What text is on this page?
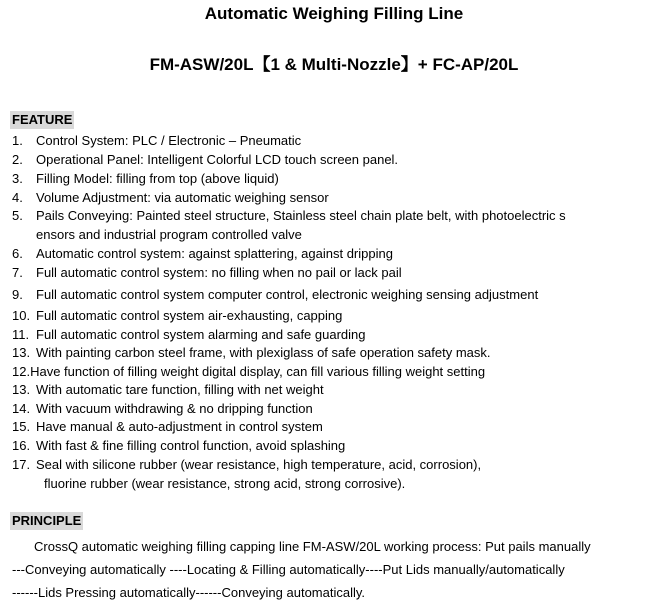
Automatic Weighing Filling Line
FM-ASW/20L【1 & Multi-Nozzle】+ FC-AP/20L
FEATURE
1. Control System: PLC / Electronic – Pneumatic
2. Operational Panel: Intelligent Colorful LCD touch screen panel.
3. Filling Model: filling from top (above liquid)
4. Volume Adjustment: via automatic weighing sensor
5. Pails Conveying: Painted steel structure, Stainless steel chain plate belt, with photoelectric s
ensors and industrial program controlled valve
6. Automatic control system: against splattering, against dripping
7. Full automatic control system: no filling when no pail or lack pail
9. Full automatic control system computer control, electronic weighing sensing adjustment
10. Full automatic control system air-exhausting, capping
11. Full automatic control system alarming and safe guarding
13. With painting carbon steel frame, with plexiglass of safe operation safety mask.
12.Have function of filling weight digital display, can fill various filling weight setting
13. With automatic tare function, filling with net weight
14. With vacuum withdrawing & no dripping function
15. Have manual & auto-adjustment in control system
16. With fast & fine filling control function, avoid splashing
17. Seal with silicone rubber (wear resistance, high temperature, acid, corrosion),
fluorine rubber (wear resistance, strong acid, strong corrosive).
PRINCIPLE
CrossQ automatic weighing filling capping line FM-ASW/20L working process: Put pails manually
---Conveying automatically ----Locating & Filling automatically----Put Lids manually/automatically
------Lids Pressing automatically------Conveying automatically.
